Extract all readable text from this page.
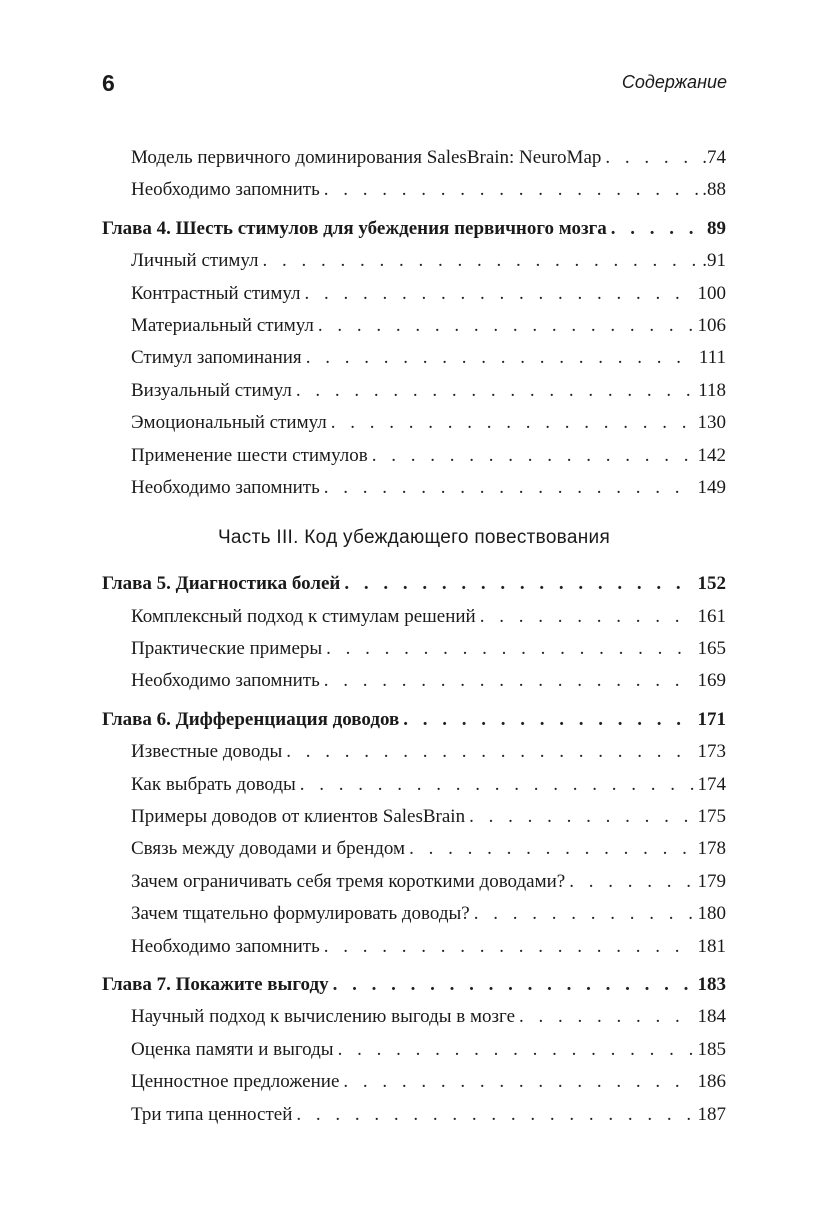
6	Содержание
Модель первичного доминирования SalesBrain: NeuroMap . . .	.74
Необходимо запомнить . . .	.88
Глава 4. Шесть стимулов для убеждения первичного мозга . . .	89
Личный стимул . . .	.91
Контрастный стимул . . .	100
Материальный стимул . . .	106
Стимул запоминания . . .	111
Визуальный стимул . . .	118
Эмоциональный стимул . . .	130
Применение шести стимулов . . .	142
Необходимо запомнить . . .	149
Часть III. Код убеждающего повествования
Глава 5. Диагностика болей . . .	152
Комплексный подход к стимулам решений . . .	161
Практические примеры . . .	165
Необходимо запомнить . . .	169
Глава 6. Дифференциация доводов . . .	171
Известные доводы . . .	173
Как выбрать доводы . . .	174
Примеры доводов от клиентов SalesBrain . . .	175
Связь между доводами и брендом . . .	178
Зачем ограничивать себя тремя короткими доводами? . . .	179
Зачем тщательно формулировать доводы? . . .	180
Необходимо запомнить . . .	181
Глава 7. Покажите выгоду . . .	183
Научный подход к вычислению выгоды в мозге . . .	184
Оценка памяти и выгоды . . .	185
Ценностное предложение . . .	186
Три типа ценностей . . .	187
